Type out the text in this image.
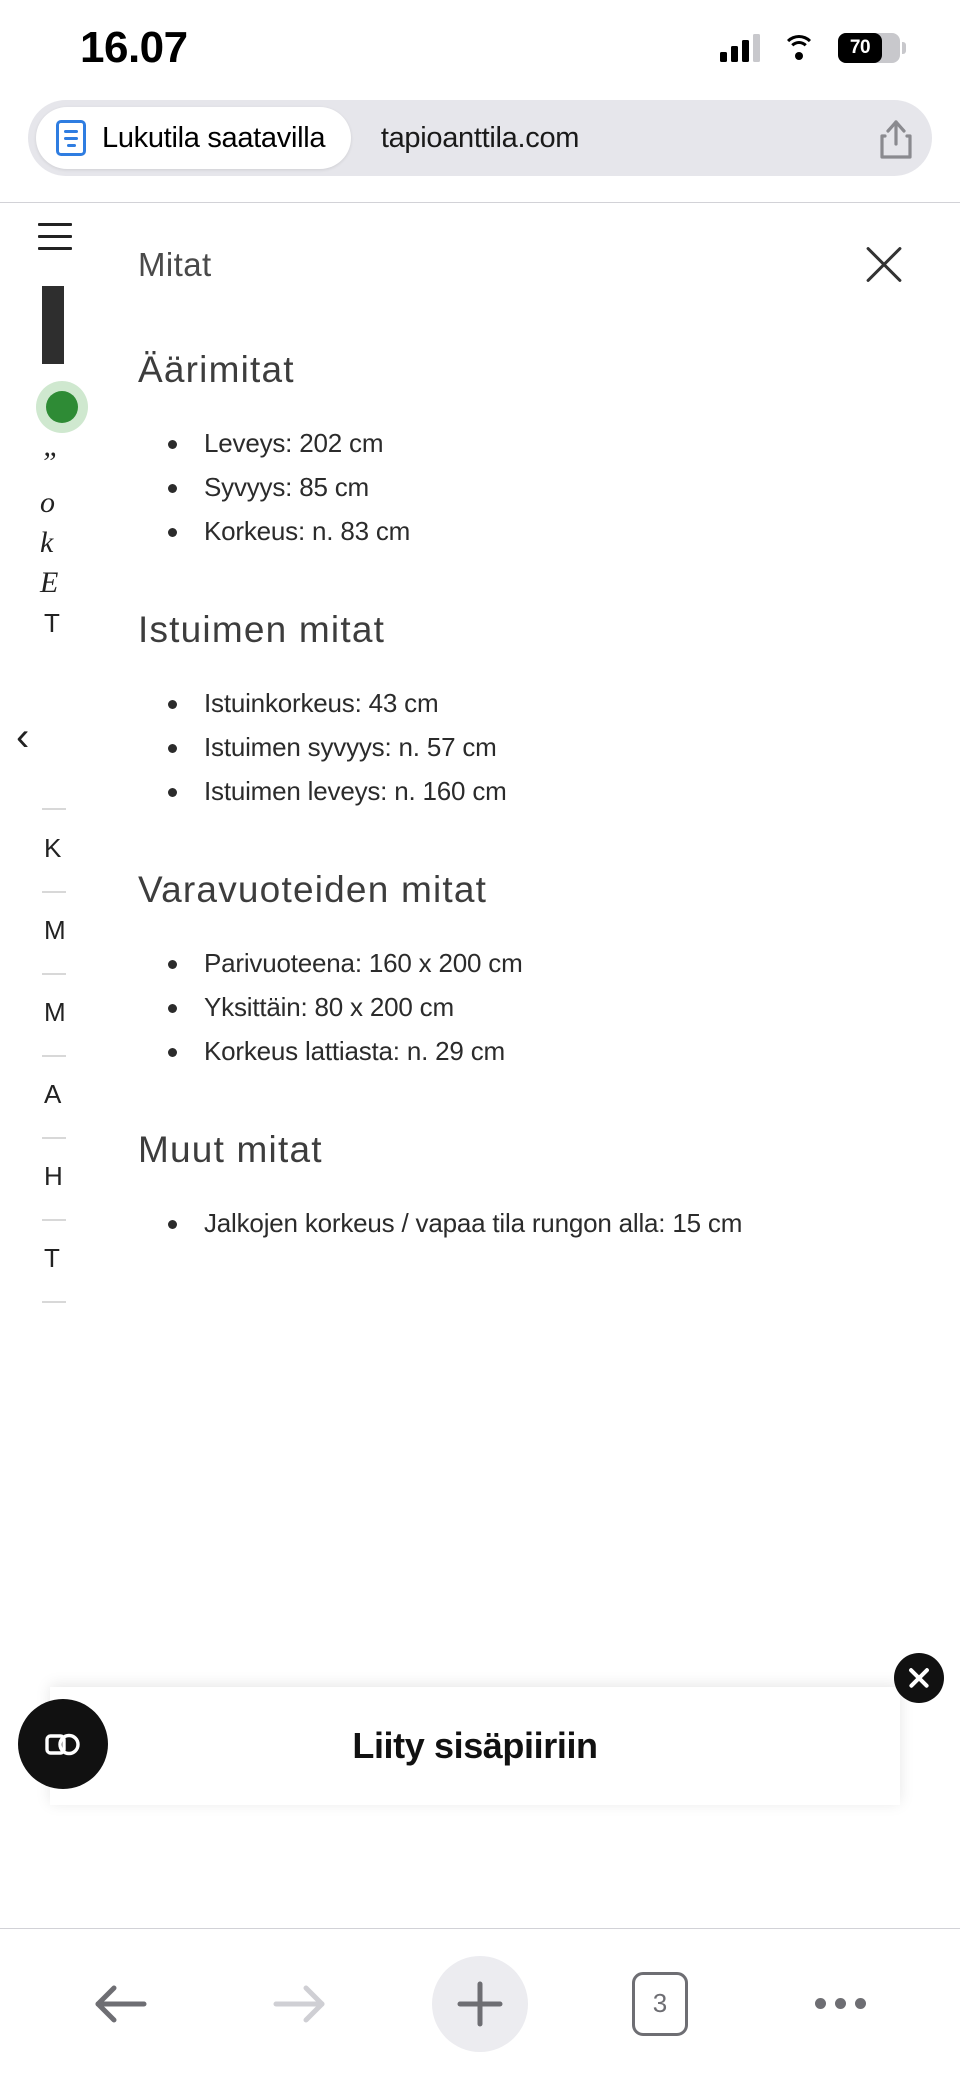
16.07	70
Lukutila saatavilla	tapioanttila.com
”
о
k
E
T
‹
K
M
M
A
H
T
Mitat
Äärimitat
Leveys: 202 cm
Syvyys: 85 cm
Korkeus: n. 83 cm
Istuimen mitat
Istuinkorkeus: 43 cm
Istuimen syvyys: n. 57 cm
Istuimen leveys: n. 160 cm
Varavuoteiden mitat
Parivuoteena: 160 x 200 cm
Yksittäin: 80 x 200 cm
Korkeus lattiasta: n. 29 cm
Muut mitat
Jalkojen korkeus / vapaa tila rungon alla: 15 cm
Liity sisäpiiriin
3
